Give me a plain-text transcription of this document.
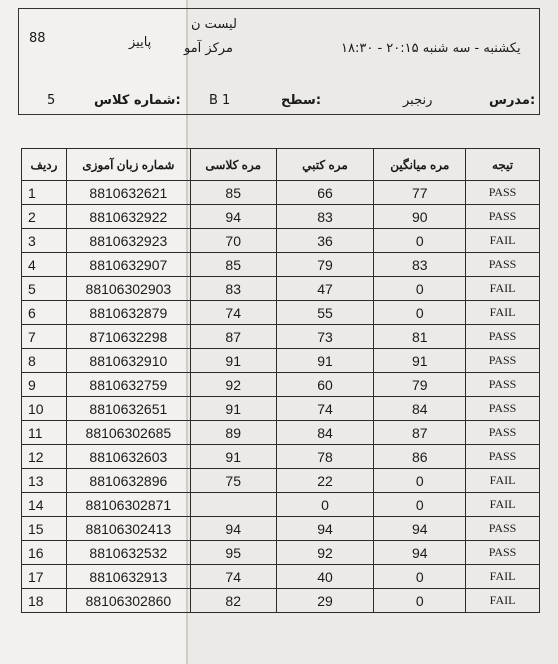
88	پاییز
لیست ن
مرکز آمو	یکشنبه - سه شنبه ۲۰:۱۵ - ۱۸:۳۰
5	شماره کلاس: B 1	سطح:	رنجبر	مدرس:
ردیف	شماره زبان آموزی	مره کلاسی	مره کتبي	مره میانگین	تیجه
1	8810632621	85	66	77	PASS
2	8810632922	94	83	90	PASS
3	8810632923	70	36	0	FAIL
4	8810632907	85	79	83	PASS
5	88106302903	83	47	0	FAIL
6	8810632879	74	55	0	FAIL
7	8710632298	87	73	81	PASS
8	8810632910	91	91	91	PASS
9	8810632759	92	60	79	PASS
10	8810632651	91	74	84	PASS
11	88106302685	89	84	87	PASS
12	8810632603	91	78	86	PASS
13	8810632896	75	22	0	FAIL
14	88106302871		0	0	FAIL
15	88106302413	94	94	94	PASS
16	8810632532	95	92	94	PASS
17	8810632913	74	40	0	FAIL
18	88106302860	82	29	0	FAIL
